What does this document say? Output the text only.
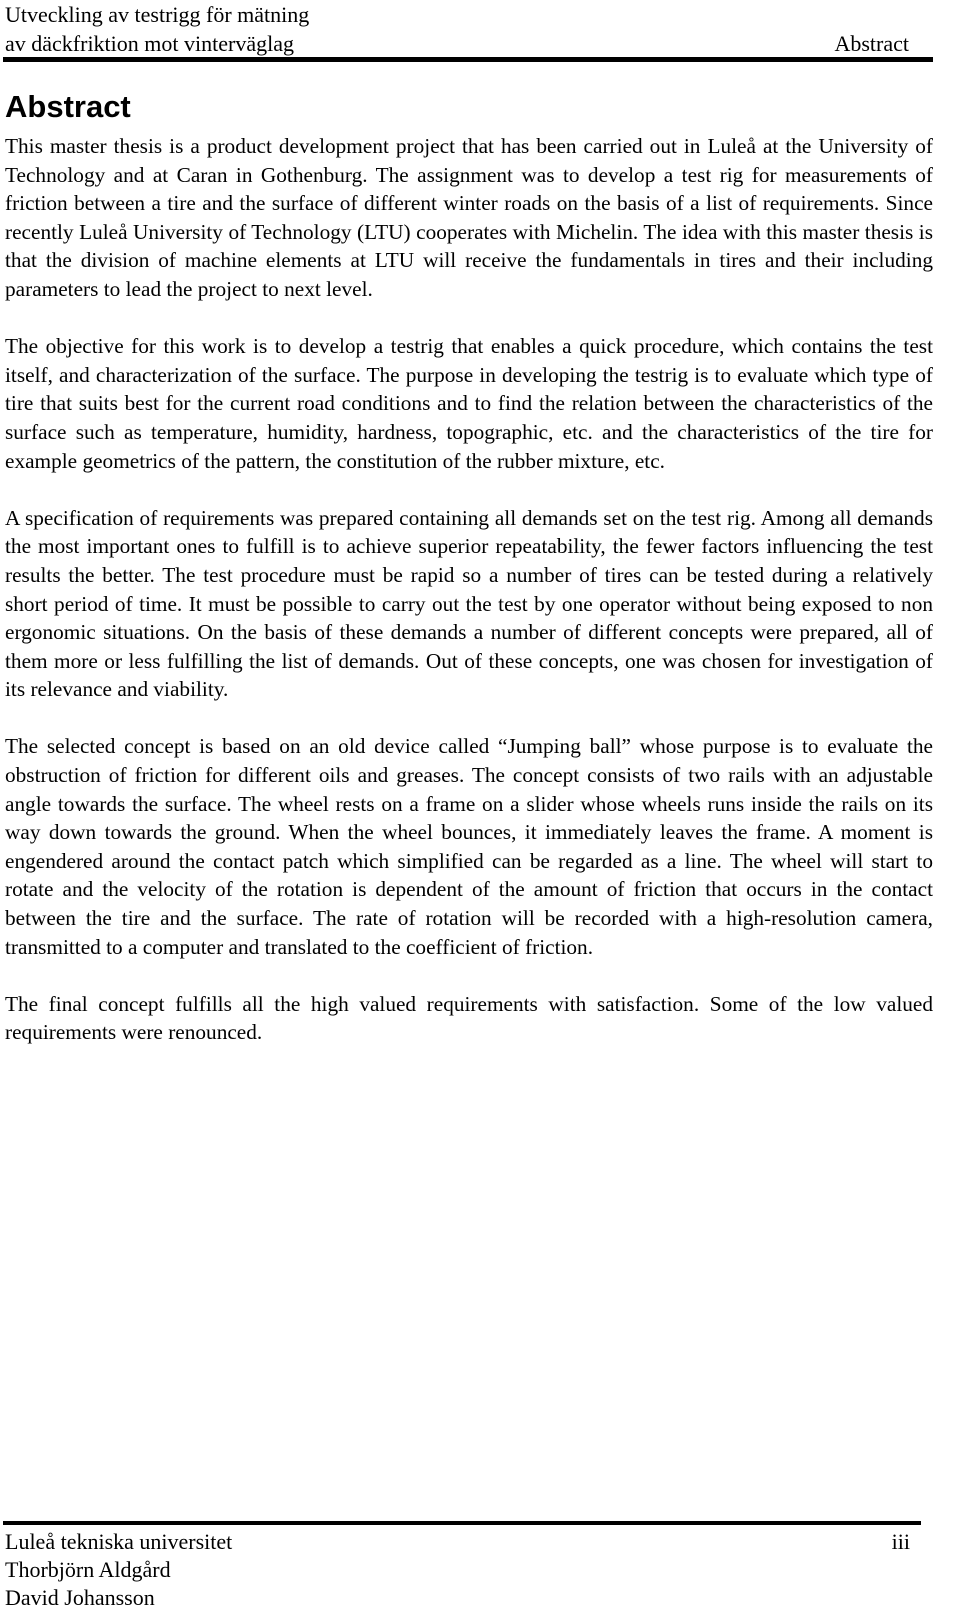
Utveckling av testrigg för mätning
av däckfriktion mot vinterväglag	Abstract
Abstract

This master thesis is a product development project that has been carried out in Luleå at the University of Technology and at Caran in Gothenburg. The assignment was to develop a test rig for measurements of friction between a tire and the surface of different winter roads on the basis of a list of requirements. Since recently Luleå University of Technology (LTU) cooperates with Michelin. The idea with this master thesis is that the division of machine elements at LTU will receive the fundamentals in tires and their including parameters to lead the project to next level.

The objective for this work is to develop a testrig that enables a quick procedure, which contains the test itself, and characterization of the surface. The purpose in developing the testrig is to evaluate which type of tire that suits best for the current road conditions and to find the relation between the characteristics of the surface such as temperature, humidity, hardness, topographic, etc. and the characteristics of the tire for example geometrics of the pattern, the constitution of the rubber mixture, etc.

A specification of requirements was prepared containing all demands set on the test rig. Among all demands the most important ones to fulfill is to achieve superior repeatability, the fewer factors influencing the test results the better. The test procedure must be rapid so a number of tires can be tested during a relatively short period of time. It must be possible to carry out the test by one operator without being exposed to non ergonomic situations. On the basis of these demands a number of different concepts were prepared, all of them more or less fulfilling the list of demands. Out of these concepts, one was chosen for investigation of its relevance and viability.

The selected concept is based on an old device called “Jumping ball” whose purpose is to evaluate the obstruction of friction for different oils and greases. The concept consists of two rails with an adjustable angle towards the surface. The wheel rests on a frame on a slider whose wheels runs inside the rails on its way down towards the ground. When the wheel bounces, it immediately leaves the frame. A moment is engendered around the contact patch which simplified can be regarded as a line. The wheel will start to rotate and the velocity of the rotation is dependent of the amount of friction that occurs in the contact between the tire and the surface. The rate of rotation will be recorded with a high-resolution camera, transmitted to a computer and translated to the coefficient of friction.

The final concept fulfills all the high valued requirements with satisfaction. Some of the low valued requirements were renounced.

Luleå tekniska universitet
Thorbjörn Aldgård
David Johansson
iii
